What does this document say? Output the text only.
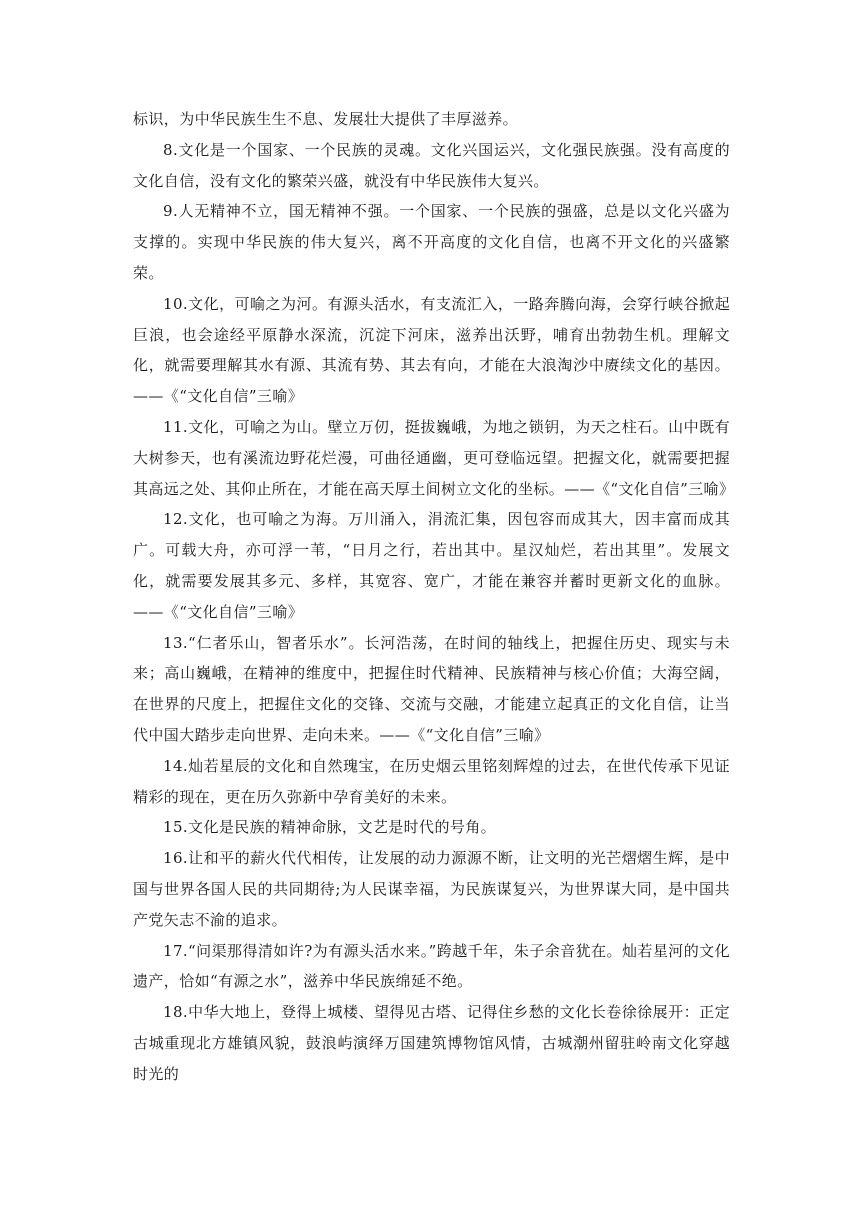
标识，为中华民族生生不息、发展壮大提供了丰厚滋养。

8.文化是一个国家、一个民族的灵魂。文化兴国运兴，文化强民族强。没有高度的文化自信，没有文化的繁荣兴盛，就没有中华民族伟大复兴。

9.人无精神不立，国无精神不强。一个国家、一个民族的强盛，总是以文化兴盛为支撑的。实现中华民族的伟大复兴，离不开高度的文化自信，也离不开文化的兴盛繁荣。

10.文化，可喻之为河。有源头活水，有支流汇入，一路奔腾向海，会穿行峡谷掀起巨浪，也会途经平原静水深流，沉淀下河床，滋养出沃野，哺育出勃勃生机。理解文化，就需要理解其水有源、其流有势、其去有向，才能在大浪淘沙中赓续文化的基因。——《“文化自信”三喻》

11.文化，可喻之为山。壁立万仞，挺拔巍峨，为地之锁钥，为天之柱石。山中既有大树参天，也有溪流边野花烂漫，可曲径通幽，更可登临远望。把握文化，就需要把握其高远之处、其仰止所在，才能在高天厚土间树立文化的坐标。——《“文化自信”三喻》

12.文化，也可喻之为海。万川涌入，涓流汇集，因包容而成其大，因丰富而成其广。可载大舟，亦可浮一苇，“日月之行，若出其中。星汉灿烂，若出其里”。发展文化，就需要发展其多元、多样，其宽容、宽广，才能在兼容并蓄时更新文化的血脉。——《“文化自信”三喻》

13.“仁者乐山，智者乐水”。长河浩荡，在时间的轴线上，把握住历史、现实与未来；高山巍峨，在精神的维度中，把握住时代精神、民族精神与核心价值；大海空阔，在世界的尺度上，把握住文化的交锋、交流与交融，才能建立起真正的文化自信，让当代中国大踏步走向世界、走向未来。——《“文化自信”三喻》

14.灿若星辰的文化和自然瑰宝，在历史烟云里铭刻辉煌的过去，在世代传承下见证精彩的现在，更在历久弥新中孕育美好的未来。

15.文化是民族的精神命脉，文艺是时代的号角。

16.让和平的薪火代代相传，让发展的动力源源不断，让文明的光芒熠熠生辉，是中国与世界各国人民的共同期待;为人民谋幸福，为民族谋复兴，为世界谋大同，是中国共产党矢志不渝的追求。

17.“问渠那得清如许?为有源头活水来。”跨越千年，朱子余音犹在。灿若星河的文化遗产，恰如“有源之水”，滋养中华民族绵延不绝。

18.中华大地上，登得上城楼、望得见古塔、记得住乡愁的文化长卷徐徐展开：正定古城重现北方雄镇风貌，鼓浪屿演绎万国建筑博物馆风情，古城潮州留驻岭南文化穿越时光的
